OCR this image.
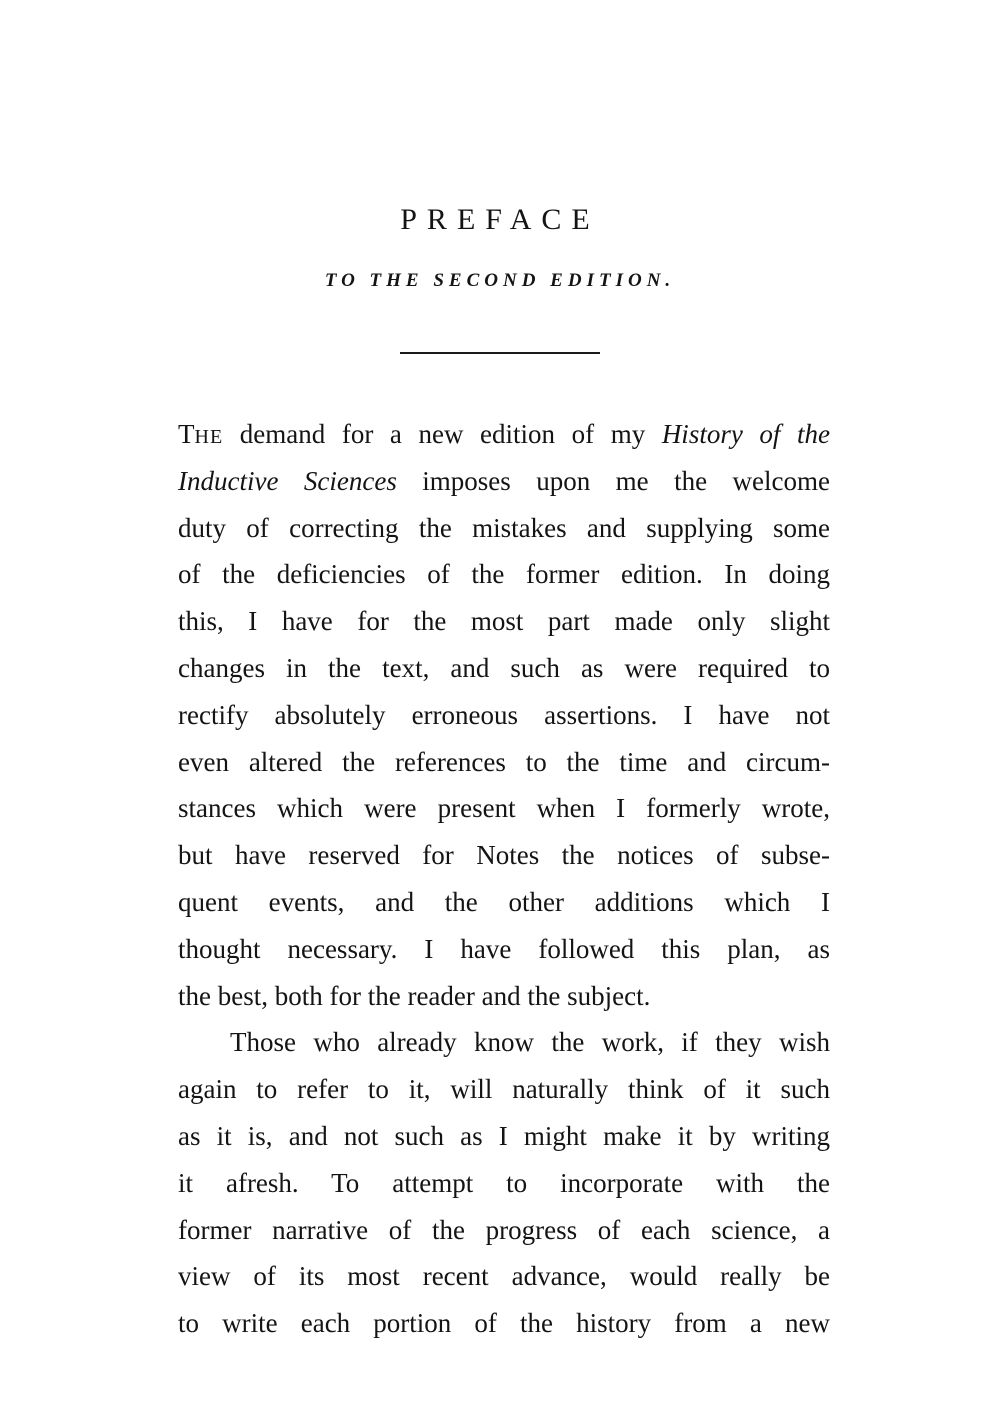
PREFACE
TO THE SECOND EDITION.
THE demand for a new edition of my History of the
Inductive Sciences imposes upon me the welcome
duty of correcting the mistakes and supplying some
of the deficiencies of the former edition. In doing
this, I have for the most part made only slight
changes in the text, and such as were required to
rectify absolutely erroneous assertions. I have not
even altered the references to the time and circum-
stances which were present when I formerly wrote,
but have reserved for Notes the notices of subse-
quent events, and the other additions which I
thought necessary. I have followed this plan, as
the best, both for the reader and the subject.
Those who already know the work, if they wish
again to refer to it, will naturally think of it such
as it is, and not such as I might make it by writing
it afresh. To attempt to incorporate with the
former narrative of the progress of each science, a
view of its most recent advance, would really be
to write each portion of the history from a new
